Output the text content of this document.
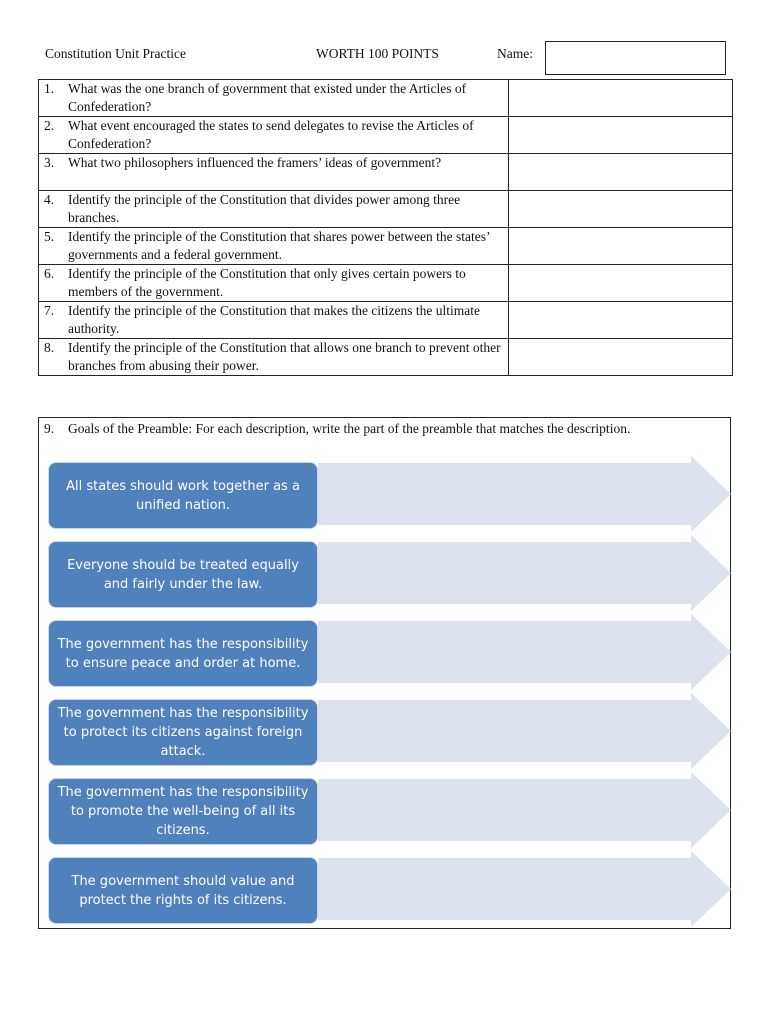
Constitution Unit Practice	WORTH 100 POINTS	Name:
1. What was the one branch of government that existed under the Articles of Confederation?	

2. What event encouraged the states to send delegates to revise the Articles of Confederation?	

3. What two philosophers influenced the framers’ ideas of government?	

4. Identify the principle of the Constitution that divides power among three branches.	

5. Identify the principle of the Constitution that shares power between the states’ governments and a federal government.	

6. Identify the principle of the Constitution that only gives certain powers to members of the government.	

7. Identify the principle of the Constitution that makes the citizens the ultimate authority.	

8. Identify the principle of the Constitution that allows one branch to prevent other branches from abusing their power.	

9.	Goals of the Preamble: For each description, write the part of the preamble that matches the description.
All states should work together as a unified nation.
Everyone should be treated equally and fairly under the law.
The government has the responsibility to ensure peace and order at home.
The government has the responsibility to protect its citizens against foreign attack.
The government has the responsibility to promote the well-being of all its citizens.
The government should value and protect the rights of its citizens.
